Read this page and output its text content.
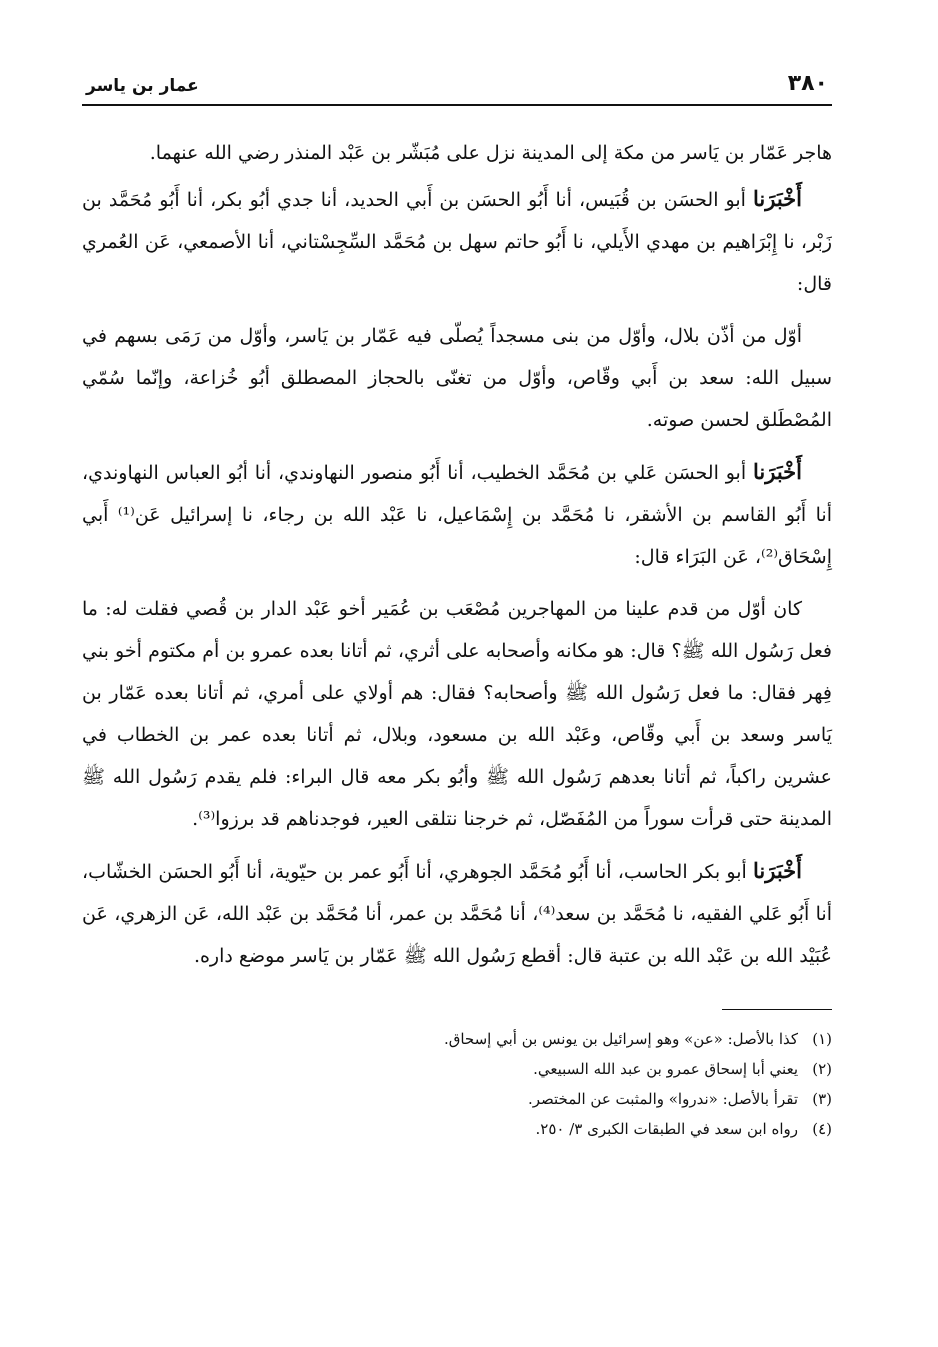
٣٨٠
عمار بن ياسر

هاجر عَمّار بن يَاسر من مكة إلى المدينة نزل على مُبَشّر بن عَبْد المنذر رضي الله عنهما.

أَخْبَرَنا أبو الحسَن بن قُبَيس، أنا أَبُو الحسَن بن أَبي الحديد، أنا جدي أبُو بكر، أنا أَبُو مُحَمَّد بن زَبْر، نا إِبْرَاهيم بن مهدي الأَيلي، نا أَبُو حاتم سهل بن مُحَمَّد السِّجِسْتاني، أنا الأصمعي، عَن العُمري قال:

أوّل من أذّن بلال، وأوّل من بنى مسجداً يُصلّى فيه عَمّار بن يَاسر، وأوّل من رَمَى بسهم في سبيل الله: سعد بن أَبي وقّاص، وأوّل من تغنّى بالحجاز المصطلق أبُو خُزاعة، وإنّما سُمّي المُصْطَلق لحسن صوته.

أَخْبَرَنا أبو الحسَن عَلي بن مُحَمَّد الخطيب، أنا أَبُو منصور النهاوندي، أنا أبُو العباس النهاوندي، أنا أَبُو القاسم بن الأشقر، نا مُحَمَّد بن إِسْمَاعيل، نا عَبْد الله بن رجاء، نا إسرائيل عَن⁽¹⁾ أَبي إِسْحَاق⁽²⁾، عَن البَرَاء قال:

كان أوّل من قدم علينا من المهاجرين مُصْعَب بن عُمَير أخو عَبْد الدار بن قُصي فقلت له: ما فعل رَسُول الله ﷺ؟ قال: هو مكانه وأصحابه على أثري، ثم أتانا بعده عمرو بن أم مكتوم أخو بني فِهر فقال: ما فعل رَسُول الله ﷺ وأصحابه؟ فقال: هم أولاي على أمري، ثم أتانا بعده عَمّار بن يَاسر وسعد بن أَبي وقّاص، وعَبْد الله بن مسعود، وبلال، ثم أتانا بعده عمر بن الخطاب في عشرين راكباً، ثم أتانا بعدهم رَسُول الله ﷺ وأبُو بكر معه قال البراء: فلم يقدم رَسُول الله ﷺ المدينة حتى قرأت سوراً من المُفَصّل، ثم خرجنا نتلقى العير، فوجدناهم قد برزوا⁽³⁾.

أَخْبَرَنا أبو بكر الحاسب، أنا أَبُو مُحَمَّد الجوهري، أنا أَبُو عمر بن حيّوية، أنا أَبُو الحسَن الخشّاب، أنا أَبُو عَلي الفقيه، نا مُحَمَّد بن سعد⁽⁴⁾، أنا مُحَمَّد بن عمر، أنا مُحَمَّد بن عَبْد الله، عَن الزهري، عَن عُبَيْد الله بن عَبْد الله بن عتبة قال: أقطع رَسُول الله ﷺ عَمّار بن يَاسر موضع داره.

(١)
كذا بالأصل: «عن» وهو إسرائيل بن يونس بن أبي إسحاق.
(٢)
يعني أبا إسحاق عمرو بن عبد الله السبيعي.
(٣)
تقرأ بالأصل: «ندروا» والمثبت عن المختصر.
(٤)
رواه ابن سعد في الطبقات الكبرى ٣/ ٢٥٠.
